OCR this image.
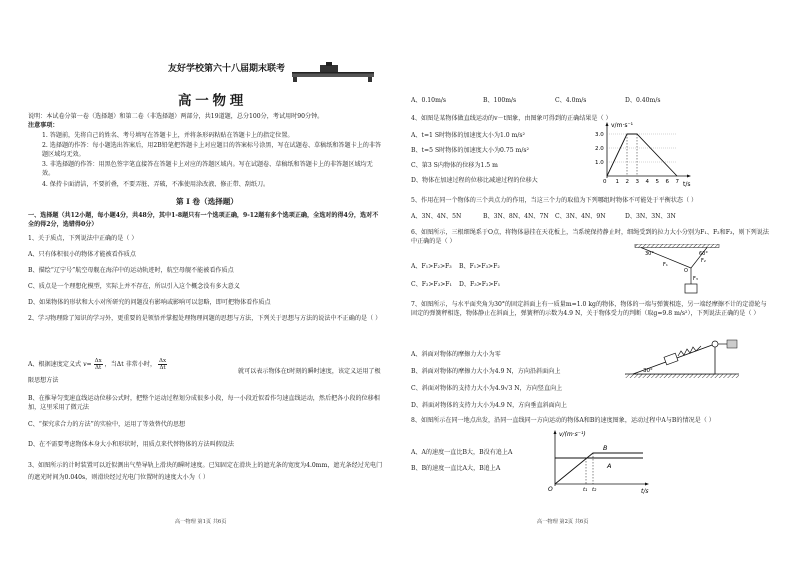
友好学校第六十八届期末联考
高 一 物 理
说明：本试卷分第一卷（选择题）和第二卷（非选择题）两部分，共19道题，总分100分，考试用时90分钟。
注意事项：
1. 答题前，先将自己的姓名、考号填写在答题卡上，并将条形码粘贴在答题卡上的指定位置。
2. 选择题的作答：每小题选出答案后，用2B铅笔把答题卡上对应题目的答案标号涂黑，写在试题卷、草稿纸和答题卡上的非答题区域均无效。
3. 非选择题的作答：用黑色签字笔直接答在答题卡上对应的答题区域内。写在试题卷、草稿纸和答题卡上的非答题区域均无效。
4. 保持卡面清洁，不要折叠，不要弄脏、弄破，不准使用涂改液、修正带、刮纸刀。
第 I 卷（选择题）
一、选择题（共12小题，每小题4分，共48分，其中1-8题只有一个选项正确，9-12题有多个选项正确，全选对的得4分，选对不全的得2分，选错得0分）
1、关于质点，下列说法中正确的是（ ）
A、只有体积很小的物体才能被看作质点
B、描绘“辽宁号”航空母舰在海洋中的运动轨迹时，航空母舰不能被看作质点
C、质点是一个理想化模型，实际上并不存在，所以引入这个概念没有多大意义
D、如果物体的形状和大小对所研究的问题没有影响或影响可以忽略，即可把物体看作质点
2、学习物理除了知识的学习外，更重要的是领悟并掌握处理物理问题的思想与方法，下列关于思想与方法的说法中不正确的是（ ）
A、根据速度定义式 $v= \frac{\Delta x}{\Delta t}$ ，当Δt 非常小时， $\frac{\Delta x}{\Delta t}$
就可以表示物体在t时刻的瞬时速度，该定义运用了极限思想方法
B、在推导匀变速直线运动位移公式时，把整个运动过程划分成很多小段，每一小段近似看作匀速直线运动，然后把各小段的位移相加，这里采用了微元法
C、“探究求合力的方法”的实验中，运用了等效替代的思想
D、在不需要考虑物体本身大小和形状时，用质点来代替物体的方法叫假设法
3、如图所示的计时装置可以近似测出气垫导轨上滑块的瞬时速度。已知固定在滑块上的遮光条的宽度为4.0mm，遮光条经过光电门的遮光时间为0.040s，则滑块经过光电门位置时的速度大小为（ ）
高一物理 第1页 共6页
A、0.10m/s	B、100m/s	C、4.0m/s	D、0.40m/s
4、如图是某物体做直线运动的v－t图象，由图象可得到的正确结果是（ ）
A、t=1 S时物体的加速度大小为1.0 m/s²
B、t=5 S时物体的加速度大小为0.75 m/s²
C、第3 S内物体的位移为1.5 m
D、物体在加速过程的位移比减速过程的位移大
v/m·s⁻¹
t/s
0 1 2 3 4 5 6 7
3.0
2.0
1.0
5、作用在同一个物体的三个共点力的作用，当这三个力的取值为下列哪组时物体不可能处于平衡状态（ ）
A、3N、4N、5N	B、3N、8N、4N、7N C、3N、4N、9N	D、3N、3N、3N
6、如图所示，三根细绳系于O点，将物体悬挂在天花板上，当系统保持静止时，细绳受到的拉力大小分别为F₁、F₂和F₃，则下列说法中正确的是（ ）
A、F₁>F₂>F₃ B、F₁>F₃>F₂
C、F₂>F₃>F₁ D、F₃>F₂>F₁
30°	60°
F₁
F₂
F₃
O
7、如图所示，与水平面夹角为30°的固定斜面上有一质量m=1.0 kg的物体，物体的一端与弹簧相连，另一端经摩擦不计的定滑轮与固定的弹簧秤相连，物体静止在斜面上，弹簧秤的示数为4.9 N，关于物体受力的判断（取g=9.8 m/s²），下列说法正确的是（ ）
A、斜面对物体的摩擦力大小为零
B、斜面对物体的摩擦力大小为4.9 N，方向沿斜面向上
C、斜面对物体的支持力大小为4.9√3 N，方向竖直向上
D、斜面对物体的支持力大小为4.9 N，方向垂直斜面向上
30°
8、如图所示在同一地点出发，沿同一直线同一方向运动的物体A和B的速度图象，运动过程中A与B的情况是（ ）
A、A的速度一直比B大，B没有追上A
B、B的速度一直比A大，B追上A
v/(m·s⁻¹)
t/s
O
B
A
t₁ t₂
高一物理 第2页 共6页
